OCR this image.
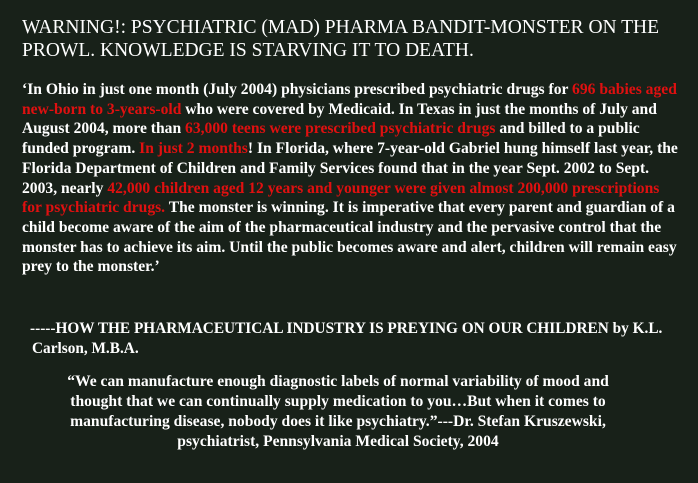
WARNING!: PSYCHIATRIC (MAD) PHARMA BANDIT-MONSTER ON THE
PROWL. KNOWLEDGE IS STARVING IT TO DEATH.
‘In Ohio in just one month (July 2004) physicians prescribed psychiatric drugs for 696 babies aged new-born to 3-years-old who were covered by Medicaid. In Texas in just the months of July and August 2004, more than 63,000 teens were prescribed psychiatric drugs and billed to a public funded program. In just 2 months! In Florida, where 7-year-old Gabriel hung himself last year, the Florida Department of Children and Family Services found that in the year Sept. 2002 to Sept. 2003, nearly 42,000 children aged 12 years and younger were given almost 200,000 prescriptions for psychiatric drugs. The monster is winning. It is imperative that every parent and guardian of a child become aware of the aim of the pharmaceutical industry and the pervasive control that the monster has to achieve its aim. Until the public becomes aware and alert, children will remain easy prey to the monster.’
-----HOW THE PHARMACEUTICAL INDUSTRY IS PREYING ON OUR CHILDREN by K.L. Carlson, M.B.A.
“We can manufacture enough diagnostic labels of normal variability of mood and
thought that we can continually supply medication to you…But when it comes to
manufacturing disease, nobody does it like psychiatry.”---Dr. Stefan Kruszewski,
psychiatrist, Pennsylvania Medical Society, 2004
